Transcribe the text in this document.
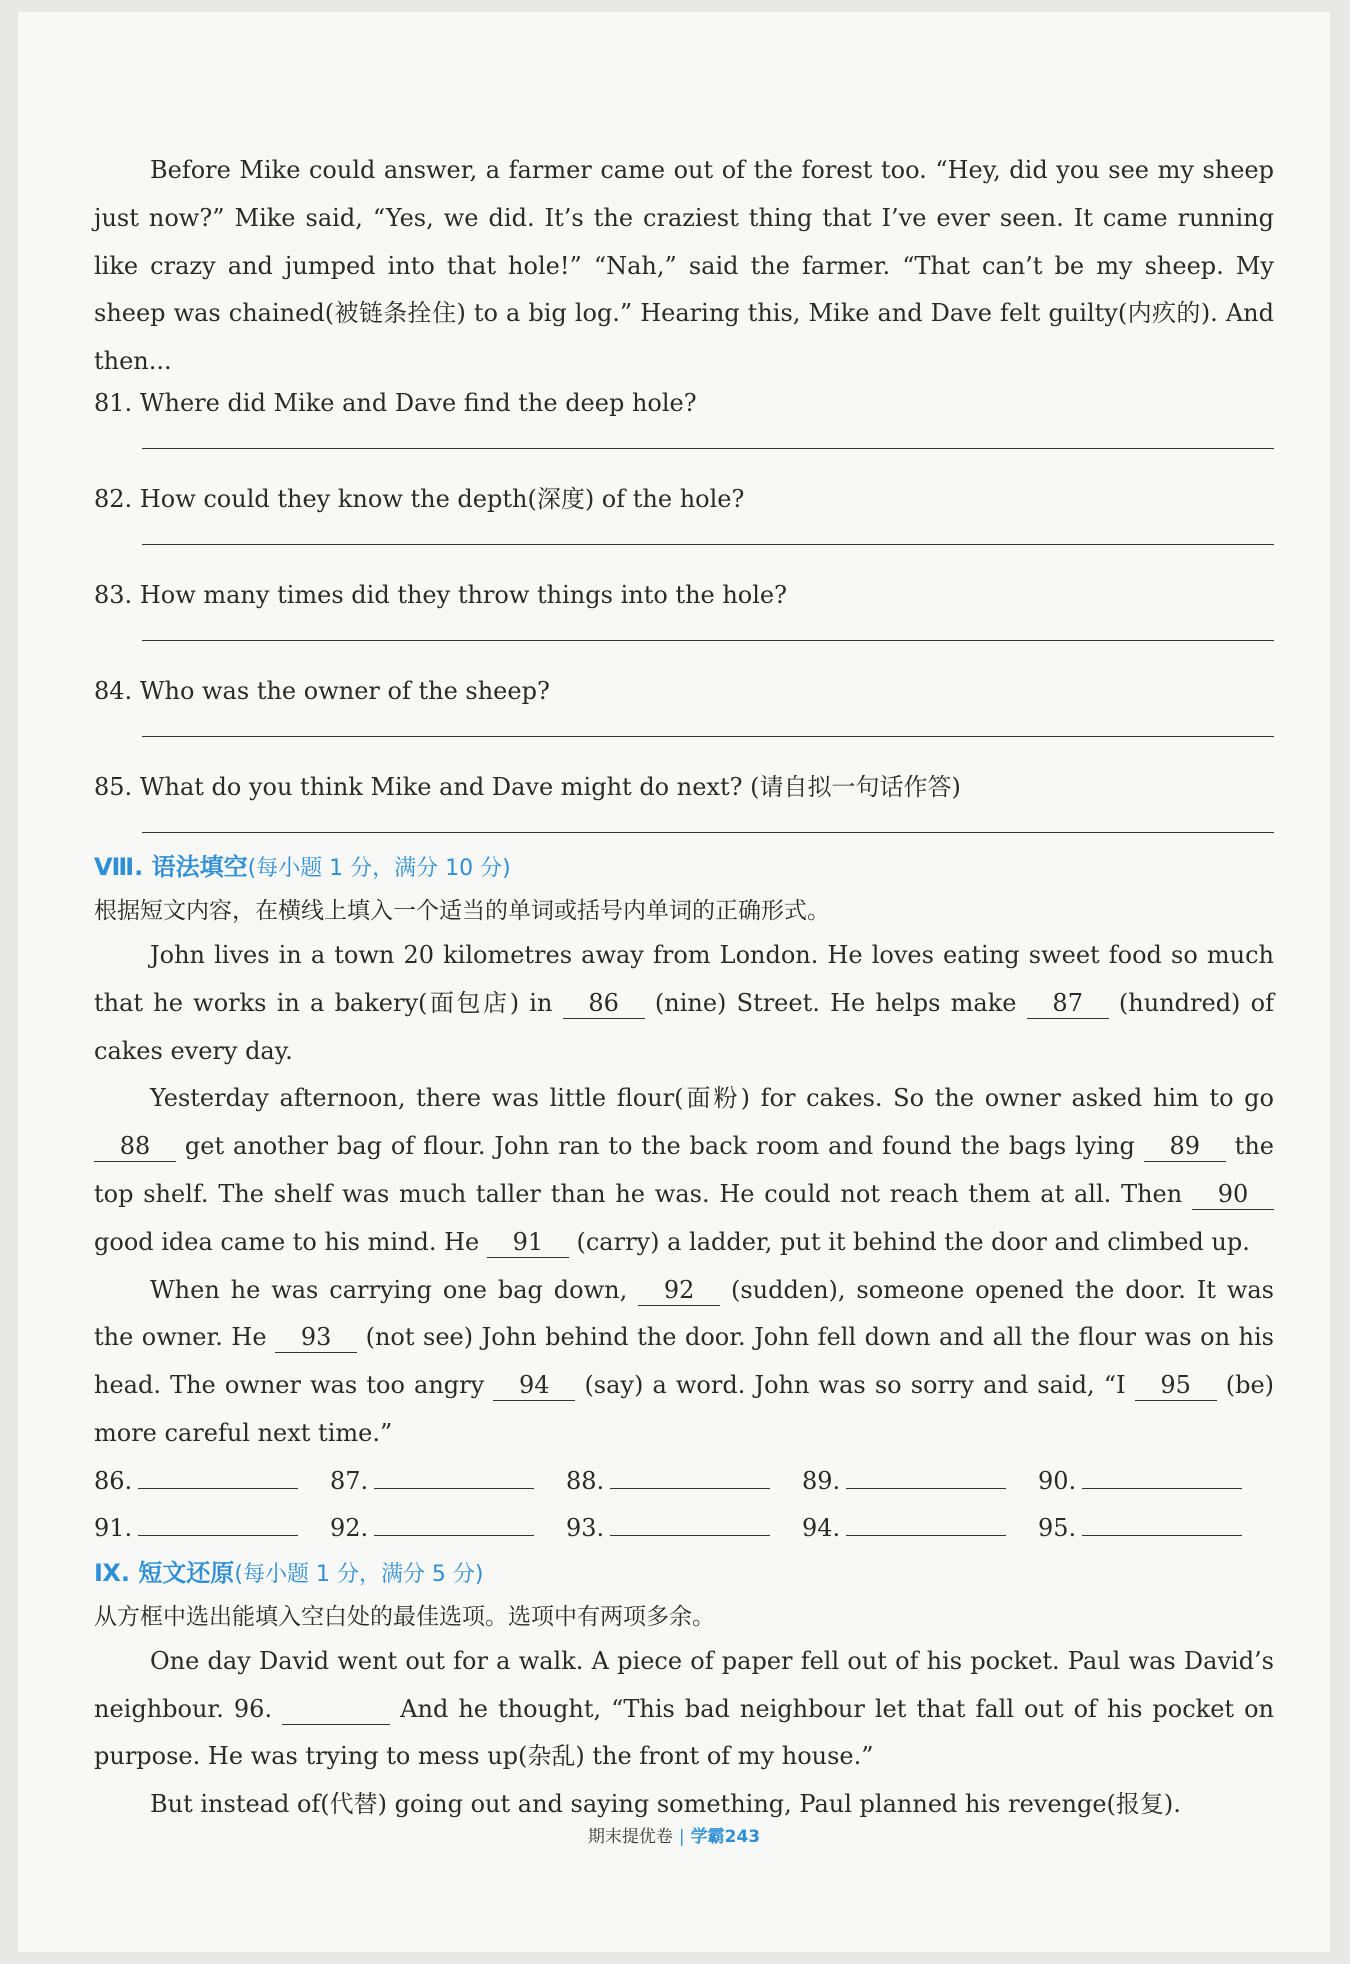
Before Mike could answer, a farmer came out of the forest too. “Hey, did you see my sheep just now?” Mike said, “Yes, we did. It’s the craziest thing that I’ve ever seen. It came running like crazy and jumped into that hole!” “Nah,” said the farmer. “That can’t be my sheep. My sheep was chained(被链条拴住) to a big log.” Hearing this, Mike and Dave felt guilty(内疚的). And then...

81. Where did Mike and Dave find the deep hole?

82. How could they know the depth(深度) of the hole?

83. How many times did they throw things into the hole?

84. Who was the owner of the sheep?

85. What do you think Mike and Dave might do next? (请自拟一句话作答)

Ⅷ. 语法填空(每小题 1 分，满分 10 分)

根据短文内容，在横线上填入一个适当的单词或括号内单词的正确形式。

John lives in a town 20 kilometres away from London. He loves eating sweet food so much that he works in a bakery(面包店) in 86 (nine) Street. He helps make 87 (hundred) of cakes every day.

Yesterday afternoon, there was little flour(面粉) for cakes. So the owner asked him to go 88 get another bag of flour. John ran to the back room and found the bags lying 89 the top shelf. The shelf was much taller than he was. He could not reach them at all. Then 90 good idea came to his mind. He 91 (carry) a ladder, put it behind the door and climbed up.

When he was carrying one bag down, 92 (sudden), someone opened the door. It was the owner. He 93 (not see) John behind the door. John fell down and all the flour was on his head. The owner was too angry 94 (say) a word. John was so sorry and said, “I 95 (be) more careful next time.”

86.	87.	88.	89.	90.
91.	92.	93.	94.	95.

Ⅸ. 短文还原(每小题 1 分，满分 5 分)

从方框中选出能填入空白处的最佳选项。选项中有两项多余。

One day David went out for a walk. A piece of paper fell out of his pocket. Paul was David’s neighbour. 96.	And he thought, “This bad neighbour let that fall out of his pocket on purpose. He was trying to mess up(杂乱) the front of my house.”

But instead of(代替) going out and saying something, Paul planned his revenge(报复).

期末提优卷 | 学霸243
